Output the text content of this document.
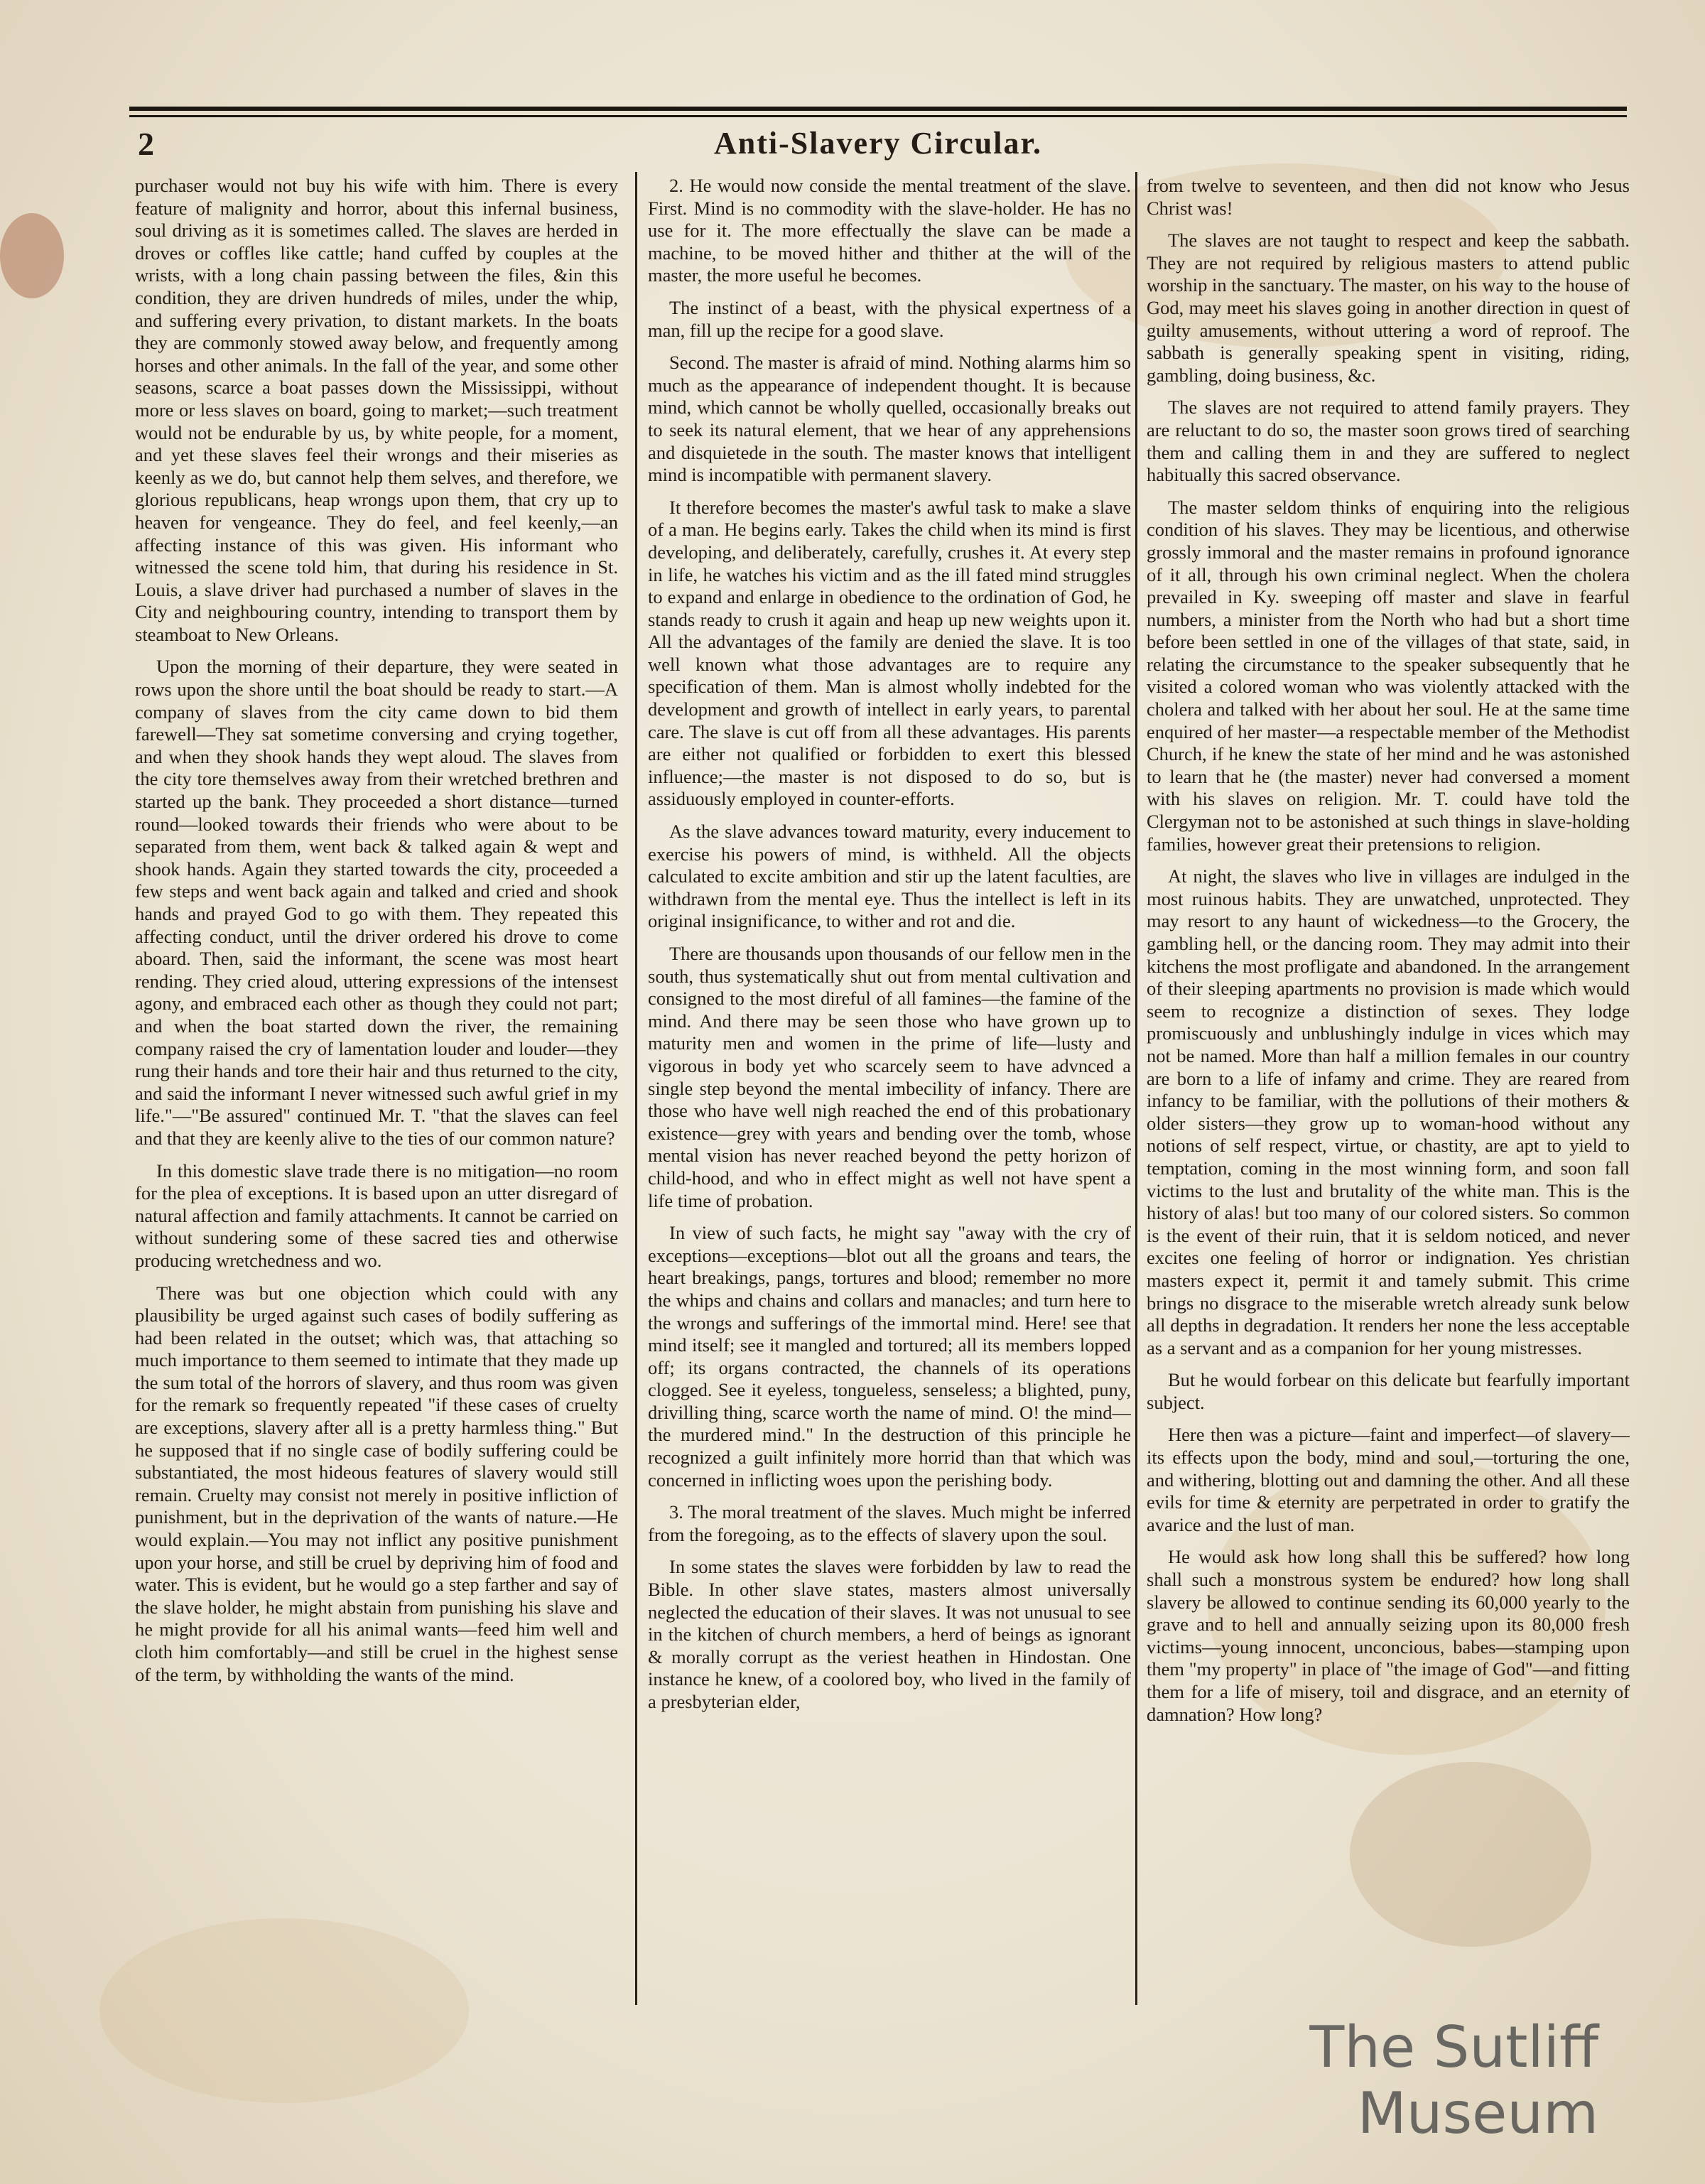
2	Anti-Slavery Circular.

purchaser would not buy his wife with him. There is every feature of malignity and horror, about this infernal business, soul driving as it is sometimes called. The slaves are herded in droves or coffles like cattle; hand cuffed by couples at the wrists, with a long chain passing between the files, &in this condition, they are driven hundreds of miles, under the whip, and suffering every privation, to distant markets. In the boats they are commonly stowed away below, and frequently among horses and other animals. In the fall of the year, and some other seasons, scarce a boat passes down the Mississippi, without more or less slaves on board, going to market;—such treatment would not be endurable by us, by white people, for a moment, and yet these slaves feel their wrongs and their miseries as keenly as we do, but cannot help them selves, and therefore, we glorious republicans, heap wrongs upon them, that cry up to heaven for vengeance. They do feel, and feel keenly,—an affecting instance of this was given. His informant who witnessed the scene told him, that during his residence in St. Louis, a slave driver had purchased a number of slaves in the City and neighbouring country, intending to transport them by steamboat to New Orleans.

Upon the morning of their departure, they were seated in rows upon the shore until the boat should be ready to start.—A company of slaves from the city came down to bid them farewell—They sat sometime conversing and crying together, and when they shook hands they wept aloud. The slaves from the city tore themselves away from their wretched brethren and started up the bank. They proceeded a short distance—turned round—looked towards their friends who were about to be separated from them, went back & talked again & wept and shook hands. Again they started towards the city, proceeded a few steps and went back again and talked and cried and shook hands and prayed God to go with them. They repeated this affecting conduct, until the driver ordered his drove to come aboard. Then, said the informant, the scene was most heart rending. They cried aloud, uttering expressions of the intensest agony, and embraced each other as though they could not part; and when the boat started down the river, the remaining company raised the cry of lamentation louder and louder—they rung their hands and tore their hair and thus returned to the city, and said the informant I never witnessed such awful grief in my life."—"Be assured" continued Mr. T. "that the slaves can feel and that they are keenly alive to the ties of our common nature?

In this domestic slave trade there is no mitigation—no room for the plea of exceptions. It is based upon an utter disregard of natural affection and family attachments. It cannot be carried on without sundering some of these sacred ties and otherwise producing wretchedness and wo.

There was but one objection which could with any plausibility be urged against such cases of bodily suffering as had been related in the outset; which was, that attaching so much importance to them seemed to intimate that they made up the sum total of the horrors of slavery, and thus room was given for the remark so frequently repeated "if these cases of cruelty are exceptions, slavery after all is a pretty harmless thing." But he supposed that if no single case of bodily suffering could be substantiated, the most hideous features of slavery would still remain. Cruelty may consist not merely in positive infliction of punishment, but in the deprivation of the wants of nature.—He would explain.—You may not inflict any positive punishment upon your horse, and still be cruel by depriving him of food and water. This is evident, but he would go a step farther and say of the slave holder, he might abstain from punishing his slave and he might provide for all his animal wants—feed him well and cloth him comfortably—and still be cruel in the highest sense of the term, by withholding the wants of the mind.

2. He would now conside the mental treatment of the slave. First. Mind is no commodity with the slave-holder. He has no use for it. The more effectually the slave can be made a machine, to be moved hither and thither at the will of the master, the more useful he becomes.

The instinct of a beast, with the physical expertness of a man, fill up the recipe for a good slave.

Second. The master is afraid of mind. Nothing alarms him so much as the appearance of independent thought. It is because mind, which cannot be wholly quelled, occasionally breaks out to seek its natural element, that we hear of any apprehensions and disquietede in the south. The master knows that intelligent mind is incompatible with permanent slavery.

It therefore becomes the master's awful task to make a slave of a man. He begins early. Takes the child when its mind is first developing, and deliberately, carefully, crushes it. At every step in life, he watches his victim and as the ill fated mind struggles to expand and enlarge in obedience to the ordination of God, he stands ready to crush it again and heap up new weights upon it. All the advantages of the family are denied the slave. It is too well known what those advantages are to require any specification of them. Man is almost wholly indebted for the development and growth of intellect in early years, to parental care. The slave is cut off from all these advantages. His parents are either not qualified or forbidden to exert this blessed influence;—the master is not disposed to do so, but is assiduously employed in counter-efforts.

As the slave advances toward maturity, every inducement to exercise his powers of mind, is withheld. All the objects calculated to excite ambition and stir up the latent faculties, are withdrawn from the mental eye. Thus the intellect is left in its original insignificance, to wither and rot and die.

There are thousands upon thousands of our fellow men in the south, thus systematically shut out from mental cultivation and consigned to the most direful of all famines—the famine of the mind. And there may be seen those who have grown up to maturity men and women in the prime of life—lusty and vigorous in body yet who scarcely seem to have advnced a single step beyond the mental imbecility of infancy. There are those who have well nigh reached the end of this probationary existence—grey with years and bending over the tomb, whose mental vision has never reached beyond the petty horizon of child-hood, and who in effect might as well not have spent a life time of probation.

In view of such facts, he might say "away with the cry of exceptions—exceptions—blot out all the groans and tears, the heart breakings, pangs, tortures and blood; remember no more the whips and chains and collars and manacles; and turn here to the wrongs and sufferings of the immortal mind. Here! see that mind itself; see it mangled and tortured; all its members lopped off; its organs contracted, the channels of its operations clogged. See it eyeless, tongueless, senseless; a blighted, puny, drivilling thing, scarce worth the name of mind. O! the mind—the murdered mind." In the destruction of this principle he recognized a guilt infinitely more horrid than that which was concerned in inflicting woes upon the perishing body.

3. The moral treatment of the slaves. Much might be inferred from the foregoing, as to the effects of slavery upon the soul.

In some states the slaves were forbidden by law to read the Bible. In other slave states, masters almost universally neglected the education of their slaves. It was not unusual to see in the kitchen of church members, a herd of beings as ignorant & morally corrupt as the veriest heathen in Hindostan. One instance he knew, of a coolored boy, who lived in the family of a presbyterian elder,

from twelve to seventeen, and then did not know who Jesus Christ was!

The slaves are not taught to respect and keep the sabbath. They are not required by religious masters to attend public worship in the sanctuary. The master, on his way to the house of God, may meet his slaves going in another direction in quest of guilty amusements, without uttering a word of reproof. The sabbath is generally speaking spent in visiting, riding, gambling, doing business, &c.

The slaves are not required to attend family prayers. They are reluctant to do so, the master soon grows tired of searching them and calling them in and they are suffered to neglect habitually this sacred observance.

The master seldom thinks of enquiring into the religious condition of his slaves. They may be licentious, and otherwise grossly immoral and the master remains in profound ignorance of it all, through his own criminal neglect. When the cholera prevailed in Ky. sweeping off master and slave in fearful numbers, a minister from the North who had but a short time before been settled in one of the villages of that state, said, in relating the circumstance to the speaker subsequently that he visited a colored woman who was violently attacked with the cholera and talked with her about her soul. He at the same time enquired of her master—a respectable member of the Methodist Church, if he knew the state of her mind and he was astonished to learn that he (the master) never had conversed a moment with his slaves on religion. Mr. T. could have told the Clergyman not to be astonished at such things in slave-holding families, however great their pretensions to religion.

At night, the slaves who live in villages are indulged in the most ruinous habits. They are unwatched, unprotected. They may resort to any haunt of wickedness—to the Grocery, the gambling hell, or the dancing room. They may admit into their kitchens the most profligate and abandoned. In the arrangement of their sleeping apartments no provision is made which would seem to recognize a distinction of sexes. They lodge promiscuously and unblushingly indulge in vices which may not be named. More than half a million females in our country are born to a life of infamy and crime. They are reared from infancy to be familiar, with the pollutions of their mothers & older sisters—they grow up to woman-hood without any notions of self respect, virtue, or chastity, are apt to yield to temptation, coming in the most winning form, and soon fall victims to the lust and brutality of the white man. This is the history of alas! but too many of our colored sisters. So common is the event of their ruin, that it is seldom noticed, and never excites one feeling of horror or indignation. Yes christian masters expect it, permit it and tamely submit. This crime brings no disgrace to the miserable wretch already sunk below all depths in degradation. It renders her none the less acceptable as a servant and as a companion for her young mistresses.

But he would forbear on this delicate but fearfully important subject.

Here then was a picture—faint and imperfect—of slavery—its effects upon the body, mind and soul,—torturing the one, and withering, blotting out and damning the other. And all these evils for time & eternity are perpetrated in order to gratify the avarice and the lust of man.

He would ask how long shall this be suffered? how long shall such a monstrous system be endured? how long shall slavery be allowed to continue sending its 60,000 yearly to the grave and to hell and annually seizing upon its 80,000 fresh victims—young innocent, unconcious, babes—stamping upon them "my property" in place of "the image of God"—and fitting them for a life of misery, toil and disgrace, and an eternity of damnation? How long?

The Sutliff Museum
